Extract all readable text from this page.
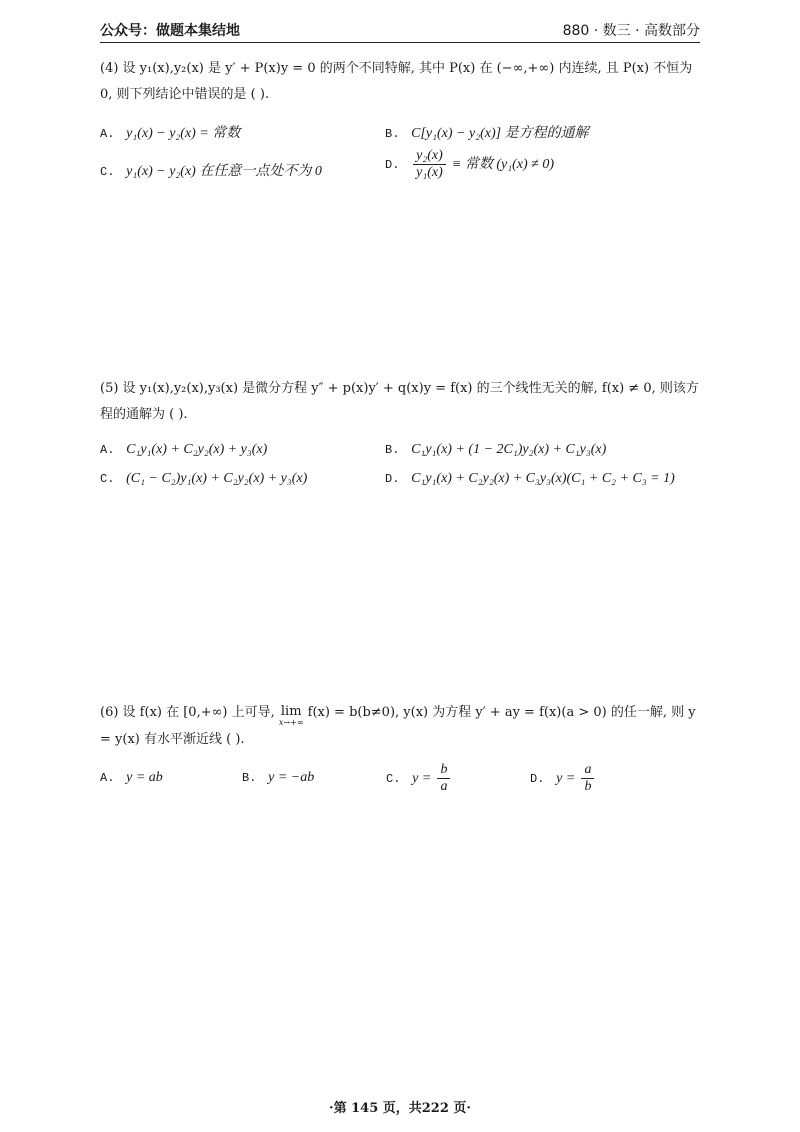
公众号：做题本集结地	880 · 数三 · 高数部分
(4) 设 y₁(x),y₂(x) 是 y′ + P(x)y = 0 的两个不同特解, 其中 P(x) 在 (−∞,+∞) 内连续, 且 P(x) 不恒为 0, 则下列结论中错误的是 ( ).
A. y₁(x) − y₂(x) = 常数	B. C[y₁(x) − y₂(x)] 是方程的通解
C. y₁(x) − y₂(x) 在任意一点处不为 0	D. $\frac{\text{y₂(x)}}{\text{y₁(x)}}$ ≡ 常数 (y₁(x) ≠ 0)
(5) 设 y₁(x),y₂(x),y₃(x) 是微分方程 y″ + p(x)y′ + q(x)y = f(x) 的三个线性无关的解, f(x) ≠ 0, 则该方程的通解为 ( ).
A. C₁y₁(x) + C₂y₂(x) + y₃(x)	B. C₁y₁(x) + (1 − 2C₁)y₂(x) + C₁y₃(x)
C. (C₁ − C₂)y₁(x) + C₂y₂(x) + y₃(x)	D. C₁y₁(x) + C₂y₂(x) + C₃y₃(x)(C₁ + C₂ + C₃ = 1)
(6) 设 f(x) 在 [0,+∞) 上可导, lim
x→+∞
f(x) = b(b≠0), y(x) 为方程 y′ + ay = f(x)(a > 0) 的任一解, 则 y = y(x) 有水平渐近线 ( ).
A. y = ab	B. y = −ab	C. $y = \frac{b}{a}$	D. $y = \frac{a}{b}$
·第 145 页，共222 页·
